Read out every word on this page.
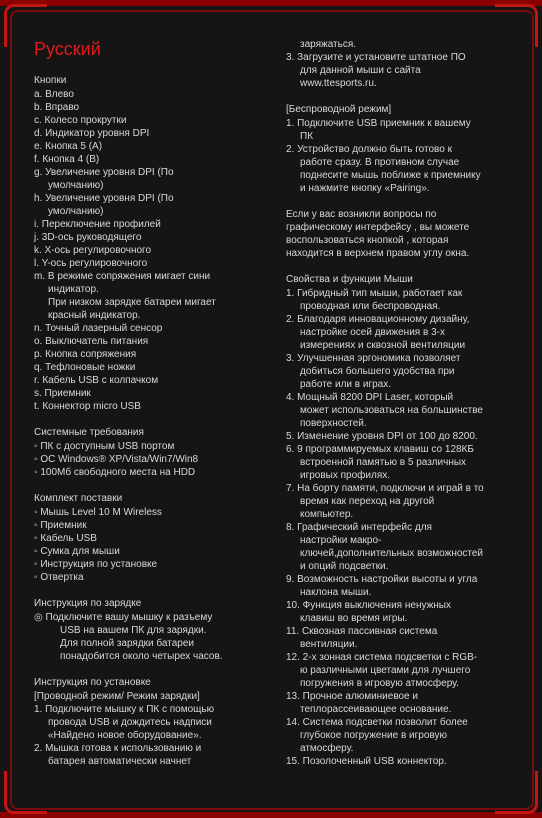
Русский

Кнопки

a. Влево

b. Вправо

c. Колесо прокрутки

d. Индикатор уровня DPI

e. Кнопка 5 (А)

f. Кнопка 4 (В)

g. Увеличение уровня DPI (По

умолчанию)

h. Увеличение уровня DPI (По

умолчанию)

i. Переключение профилей

j. 3D-ось руководящего

k. Х-ось регулировочного

l. Y-ось регулировочного

m. В режиме сопряжения мигает сини

индикатор.

При низком зарядке батареи мигает

красный индикатор.

n. Точный лазерный сенсор

o. Выключатель питания

p. Кнопка сопряжения

q. Тефлоновые ножки

r. Кабель USB с колпачком

s. Приемник

t. Коннектор micro USB

Системные требования

◦ ПК с доступным USB портом

◦ ОС Windows® XP/Vista/Win7/Win8

◦ 100Мб свободного места на HDD

Комплект поставки

◦ Мышь Level 10 M Wireless

◦ Приемник

◦ Кабель USB

◦ Сумка для мыши

◦ Инструкция по установке

◦ Отвертка

Инструкция по зарядке

◎ Подключите вашу мышку к разъему

USB на вашем ПК для зарядки.

Для полной зарядки батареи

понадобится около четырех часов.

Инструкция по установке

[Проводной режим/ Режим зарядки]

1. Подключите мышку к ПК с помощью

провода USB и дождитесь надписи

«Найдено новое оборудование».

2. Мышка готова к использованию и

батарея автоматически начнет

заряжаться.

3. Загрузите и установите штатное ПО

для данной мыши с сайта

www.ttesports.ru.

[Беспроводной режим]

1. Подключите USB приемник к вашему

ПК

2. Устройство должно быть готово к

работе сразу. В противном случае

поднесите мышь поближе к приемнику

и нажмите кнопку «Pairing».

Если у вас возникли вопросы по

графическому интерфейсу , вы можете

воспользоваться кнопкой , которая

находится в верхнем правом углу окна.

Свойства и функции Мыши

1. Гибридный тип мыши, работает как

проводная или беспроводная.

2. Благодаря инновационному дизайну,

настройке осей движения в 3-х

измерениях и сквозной вентиляции

3. Улучшенная эргономика позволяет

добиться большего удобства при

работе или в играх.

4. Мощный 8200 DPI Laser, который

может использоваться на большинстве

поверхностей.

5. Изменение уровня DPI от 100 до 8200.

6. 9 программируемых клавиш со 128КБ

встроенной памятью в 5 различных

игровых профилях.

7. На борту памяти, подключи и играй в то

время как переход на другой

компьютер.

8. Графический интерфейс для

настройки макро-

ключей,дополнительных возможностей

и опций подсветки.

9. Возможность настройки высоты и угла

наклона мыши.

10. Функция выключения ненужных

клавиш во время игры.

11. Сквозная пассивная система

вентиляции.

12. 2-х зонная система подсветки с RGB-

ю различными цветами для лучшего

погружения в игровую атмосферу.

13. Прочное алюминиевое и

теплорассеивающее основание.

14. Система подсветки позволит более

глубокое погружение в игровую

атмосферу.

15. Позолоченный USB коннектор.
